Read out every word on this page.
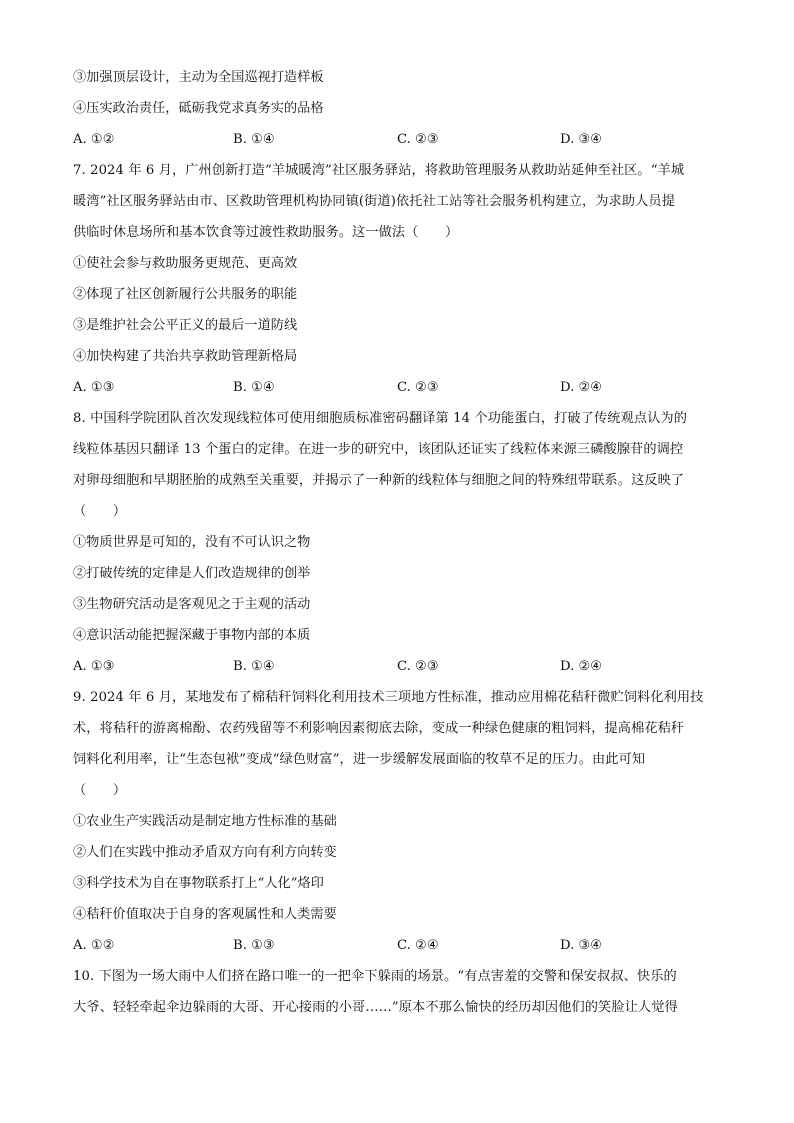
③加强顶层设计，主动为全国巡视打造样板
④压实政治责任，砥砺我党求真务实的品格
A. ①②	B. ①④	C. ②③	D. ③④
7. 2024 年 6 月，广州创新打造“羊城暖湾”社区服务驿站，将救助管理服务从救助站延伸至社区。“羊城
暖湾”社区服务驿站由市、区救助管理机构协同镇(街道)依托社工站等社会服务机构建立，为求助人员提
供临时休息场所和基本饮食等过渡性救助服务。这一做法（　　）
①使社会参与救助服务更规范、更高效
②体现了社区创新履行公共服务的职能
③是维护社会公平正义的最后一道防线
④加快构建了共治共享救助管理新格局
A. ①③	B. ①④	C. ②③	D. ②④
8. 中国科学院团队首次发现线粒体可使用细胞质标准密码翻译第 14 个功能蛋白，打破了传统观点认为的
线粒体基因只翻译 13 个蛋白的定律。在进一步的研究中，该团队还证实了线粒体来源三磷酸腺苷的调控
对卵母细胞和早期胚胎的成熟至关重要，并揭示了一种新的线粒体与细胞之间的特殊纽带联系。这反映了
（　　）
①物质世界是可知的，没有不可认识之物
②打破传统的定律是人们改造规律的创举
③生物研究活动是客观见之于主观的活动
④意识活动能把握深藏于事物内部的本质
A. ①③	B. ①④	C. ②③	D. ②④
9. 2024 年 6 月，某地发布了棉秸秆饲料化利用技术三项地方性标准，推动应用棉花秸秆微贮饲料化利用技
术，将秸秆的游离棉酚、农药残留等不利影响因素彻底去除，变成一种绿色健康的粗饲料，提高棉花秸秆
饲料化利用率，让“生态包袱”变成“绿色财富”，进一步缓解发展面临的牧草不足的压力。由此可知
（　　）
①农业生产实践活动是制定地方性标准的基础
②人们在实践中推动矛盾双方向有利方向转变
③科学技术为自在事物联系打上“人化”烙印
④秸秆价值取决于自身的客观属性和人类需要
A. ①②	B. ①③	C. ②④	D. ③④
10. 下图为一场大雨中人们挤在路口唯一的一把伞下躲雨的场景。“有点害羞的交警和保安叔叔、快乐的
大爷、轻轻牵起伞边躲雨的大哥、开心接雨的小哥……”原本不那么愉快的经历却因他们的笑脸让人觉得
